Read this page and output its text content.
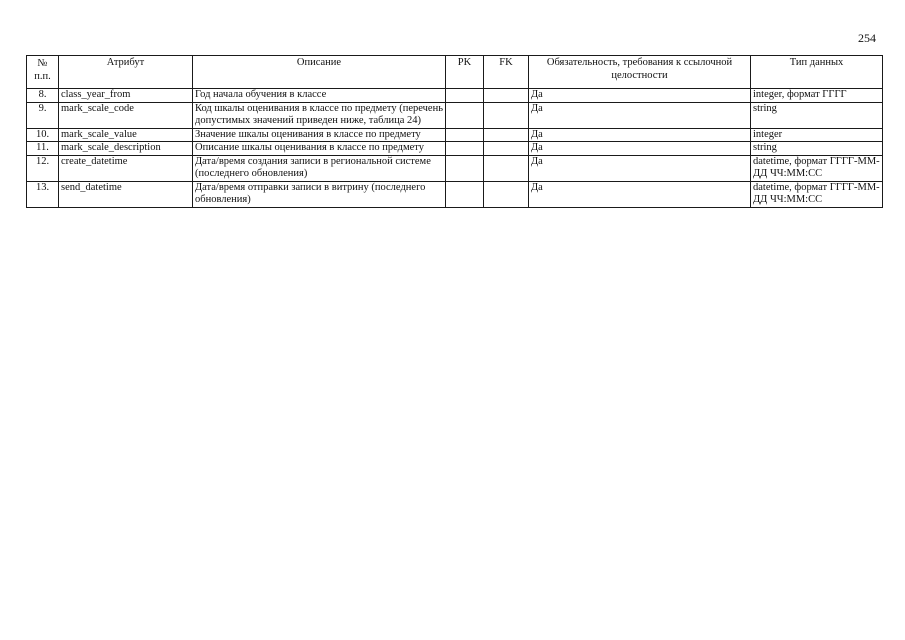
254
№ п.п.	Атрибут	Описание	PK	FK	Обязательность, требования к ссылочной целостности	Тип данных
8.	class_year_from	Год начала обучения в классе			Да	integer, формат ГГГГ
9.	mark_scale_code	Код шкалы оценивания в классе по предмету (перечень допустимых значений приведен ниже, таблица 24)			Да	string
10.	mark_scale_value	Значение шкалы оценивания в классе по предмету			Да	integer
11.	mark_scale_description	Описание шкалы оценивания в классе по предмету			Да	string
12.	create_datetime	Дата/время создания записи в региональной системе (последнего обновления)			Да	datetime, формат ГГГГ-ММ-ДД ЧЧ:ММ:СС
13.	send_datetime	Дата/время отправки записи в витрину (последнего обновления)			Да	datetime, формат ГГГГ-ММ-ДД ЧЧ:ММ:СС
